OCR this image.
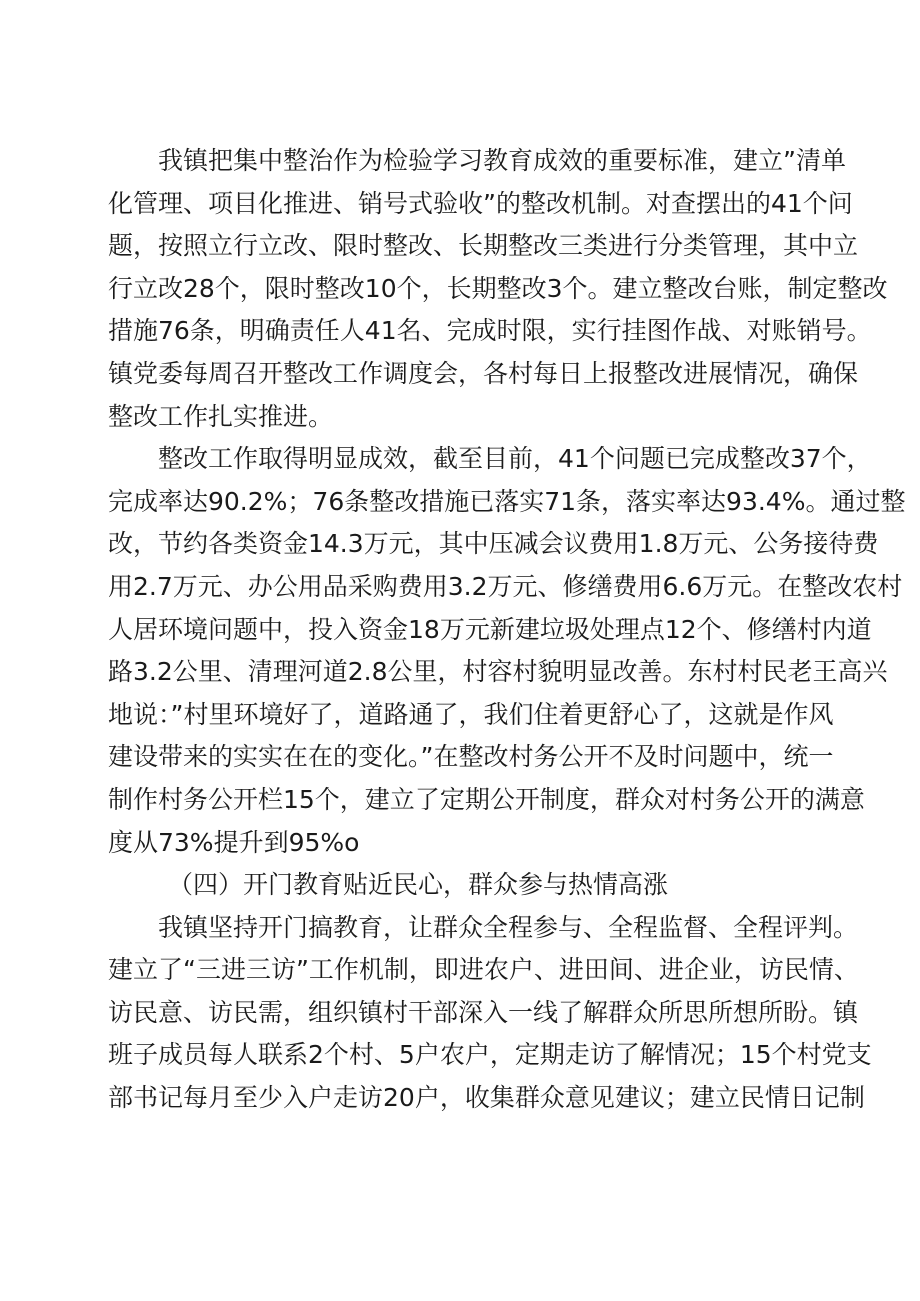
我镇把集中整治作为检验学习教育成效的重要标准，建立”清单
化管理、项目化推进、销号式验收”的整改机制。对查摆出的41个问
题，按照立行立改、限时整改、长期整改三类进行分类管理，其中立
行立改28个，限时整改10个，长期整改3个。建立整改台账，制定整改
措施76条，明确责任人41名、完成时限，实行挂图作战、对账销号。
镇党委每周召开整改工作调度会，各村每日上报整改进展情况，确保
整改工作扎实推进。
整改工作取得明显成效，截至目前，41个问题已完成整改37个，
完成率达90.2%；76条整改措施已落实71条，落实率达93.4%。通过整
改，节约各类资金14.3万元，其中压减会议费用1.8万元、公务接待费
用2.7万元、办公用品采购费用3.2万元、修缮费用6.6万元。在整改农村
人居环境问题中，投入资金18万元新建垃圾处理点12个、修缮村内道
路3.2公里、清理河道2.8公里，村容村貌明显改善。东村村民老王高兴
地说：”村里环境好了，道路通了，我们住着更舒心了，这就是作风
建设带来的实实在在的变化。”在整改村务公开不及时问题中，统一
制作村务公开栏15个，建立了定期公开制度，群众对村务公开的满意
度从73%提升到95%o
（四）开门教育贴近民心，群众参与热情高涨
我镇坚持开门搞教育，让群众全程参与、全程监督、全程评判。
建立了“三进三访”工作机制，即进农户、进田间、进企业，访民情、
访民意、访民需，组织镇村干部深入一线了解群众所思所想所盼。镇
班子成员每人联系2个村、5户农户，定期走访了解情况；15个村党支
部书记每月至少入户走访20户，收集群众意见建议；建立民情日记制
